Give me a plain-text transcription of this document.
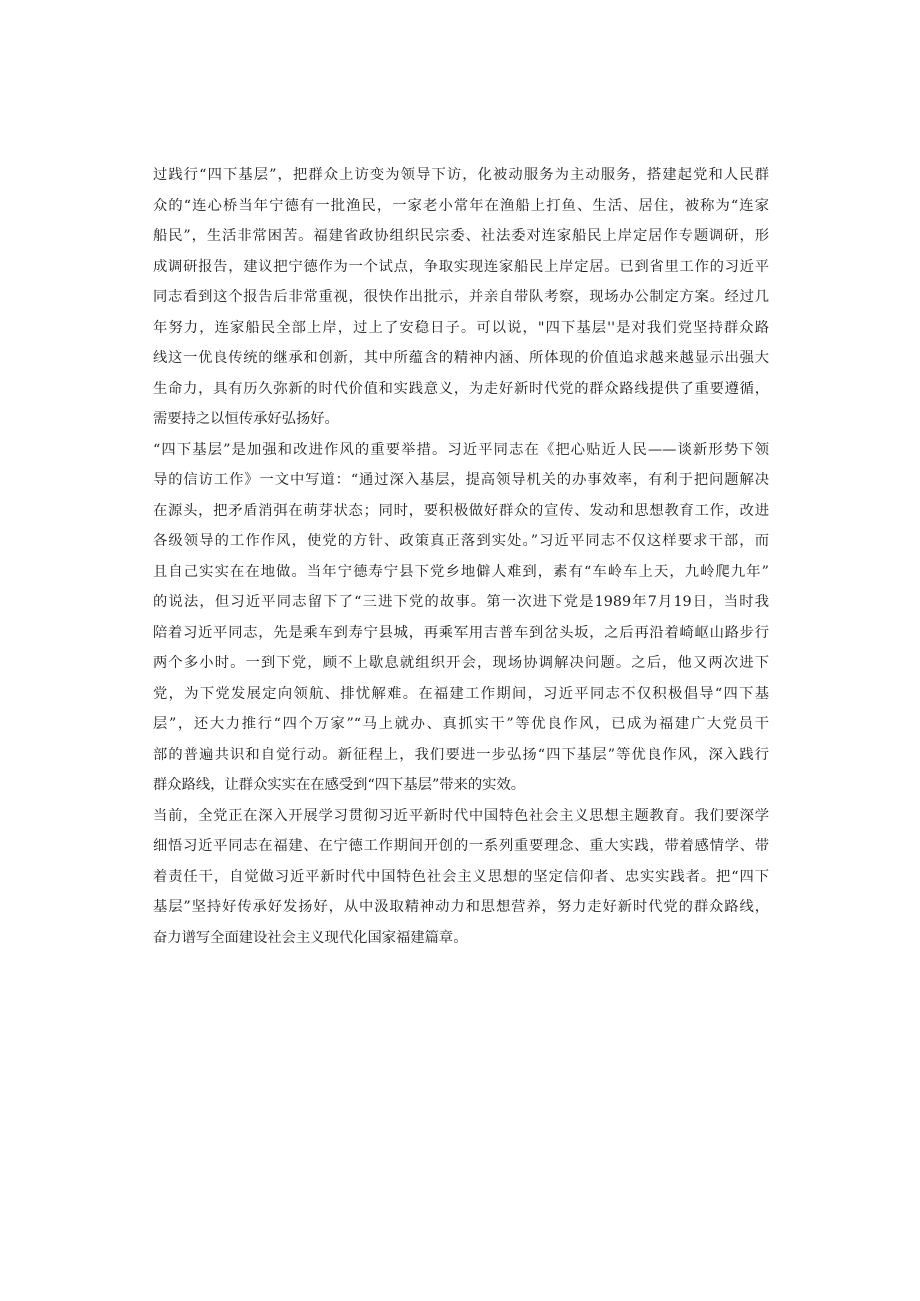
过践行“四下基层”，把群众上访变为领导下访，化被动服务为主动服务，搭建起党和人民群
众的“连心桥当年宁德有一批渔民，一家老小常年在渔船上打鱼、生活、居住，被称为“连家
船民”，生活非常困苦。福建省政协组织民宗委、社法委对连家船民上岸定居作专题调研，形
成调研报告，建议把宁德作为一个试点，争取实现连家船民上岸定居。已到省里工作的习近平
同志看到这个报告后非常重视，很快作出批示，并亲自带队考察，现场办公制定方案。经过几
年努力，连家船民全部上岸，过上了安稳日子。可以说，"四下基层''是对我们党坚持群众路
线这一优良传统的继承和创新，其中所蕴含的精神内涵、所体现的价值追求越来越显示出强大
生命力，具有历久弥新的时代价值和实践意义，为走好新时代党的群众路线提供了重要遵循，
需要持之以恒传承好弘扬好。
“四下基层”是加强和改进作风的重要举措。习近平同志在《把心贴近人民——谈新形势下领
导的信访工作》一文中写道：“通过深入基层，提高领导机关的办事效率，有利于把问题解决
在源头，把矛盾消弭在萌芽状态；同时，要积极做好群众的宣传、发动和思想教育工作，改进
各级领导的工作作风，使党的方针、政策真正落到实处。”习近平同志不仅这样要求干部，而
且自己实实在在地做。当年宁德寿宁县下党乡地僻人难到，素有“车岭车上天，九岭爬九年”
的说法，但习近平同志留下了“三进下党的故事。第一次进下党是1989年7月19日，当时我
陪着习近平同志，先是乘车到寿宁县城，再乘军用吉普车到岔头坂，之后再沿着崎岖山路步行
两个多小时。一到下党，顾不上歇息就组织开会，现场协调解决问题。之后，他又两次进下
党，为下党发展定向领航、排忧解难。在福建工作期间，习近平同志不仅积极倡导“四下基
层”，还大力推行“四个万家”“马上就办、真抓实干”等优良作风，已成为福建广大党员干
部的普遍共识和自觉行动。新征程上，我们要进一步弘扬“四下基层”等优良作风，深入践行
群众路线，让群众实实在在感受到“四下基层”带来的实效。
当前，全党正在深入开展学习贯彻习近平新时代中国特色社会主义思想主题教育。我们要深学
细悟习近平同志在福建、在宁德工作期间开创的一系列重要理念、重大实践，带着感情学、带
着责任干，自觉做习近平新时代中国特色社会主义思想的坚定信仰者、忠实实践者。把“四下
基层”坚持好传承好发扬好，从中汲取精神动力和思想营养，努力走好新时代党的群众路线，
奋力谱写全面建设社会主义现代化国家福建篇章。
